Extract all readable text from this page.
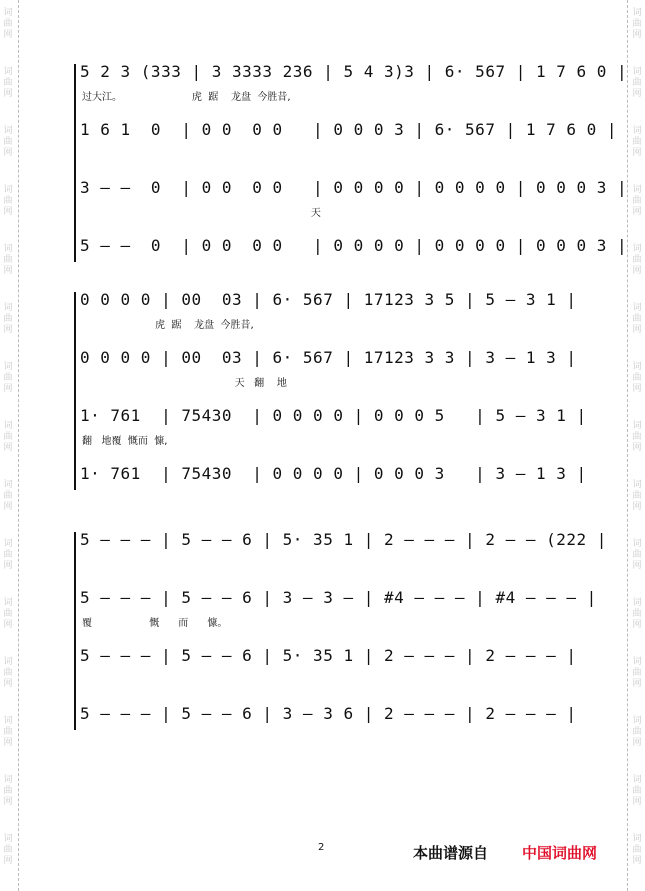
词
曲
网
词
曲
网
词
曲
网
词
曲
网
词
曲
网
词
曲
网
词
曲
网
词
曲
网
词
曲
网
词
曲
网
词
曲
网
词
曲
网
词
曲
网
词
曲
网
词
曲
网
词
曲
网
词
曲
网
词
曲
网
词
曲
网
词
曲
网
词
曲
网
词
曲
网
词
曲
网
词
曲
网
词
曲
网
词
曲
网
词
曲
网
词
曲
网
词
曲
网
词
曲
网
5 2 3 (333 | 3 3333 236 | 5 4 3)3 | 6· 567 | 1 7 6 0 |
过大江。                      虎  踞    龙盘  今胜昔,
1 6 1  0  | 0 0  0 0   | 0 0 0 3 | 6· 567 | 1 7 6 0 |
3 — —  0  | 0 0  0 0   | 0 0 0 0 | 0 0 0 0 | 0 0 0 3 |
天
5 — —  0  | 0 0  0 0   | 0 0 0 0 | 0 0 0 0 | 0 0 0 3 |
0 0 0 0 | 00  03 | 6· 567 | 17123 3 5 | 5 — 3 1 |
虎  踞    龙盘  今胜昔,
0 0 0 0 | 00  03 | 6· 567 | 17123 3 3 | 3 — 1 3 |
天   翻    地
1· 761  | 75430  | 0 0 0 0 | 0 0 0 5   | 5 — 3 1 |
翻   地覆  慨而  慷,
1· 761  | 75430  | 0 0 0 0 | 0 0 0 3   | 3 — 1 3 |
5 — — — | 5 — — 6 | 5· 35 1 | 2 — — — | 2 — — (222 |
5 — — — | 5 — — 6 | 3 — 3 — | #4 — — — | #4 — — — |
覆                  慨      而      慷。
5 — — — | 5 — — 6 | 5· 35 1 | 2 — — — | 2 — — — |
5 — — — | 5 — — 6 | 3 — 3 6 | 2 — — — | 2 — — — |
2	本曲谱源自 中国词曲网
